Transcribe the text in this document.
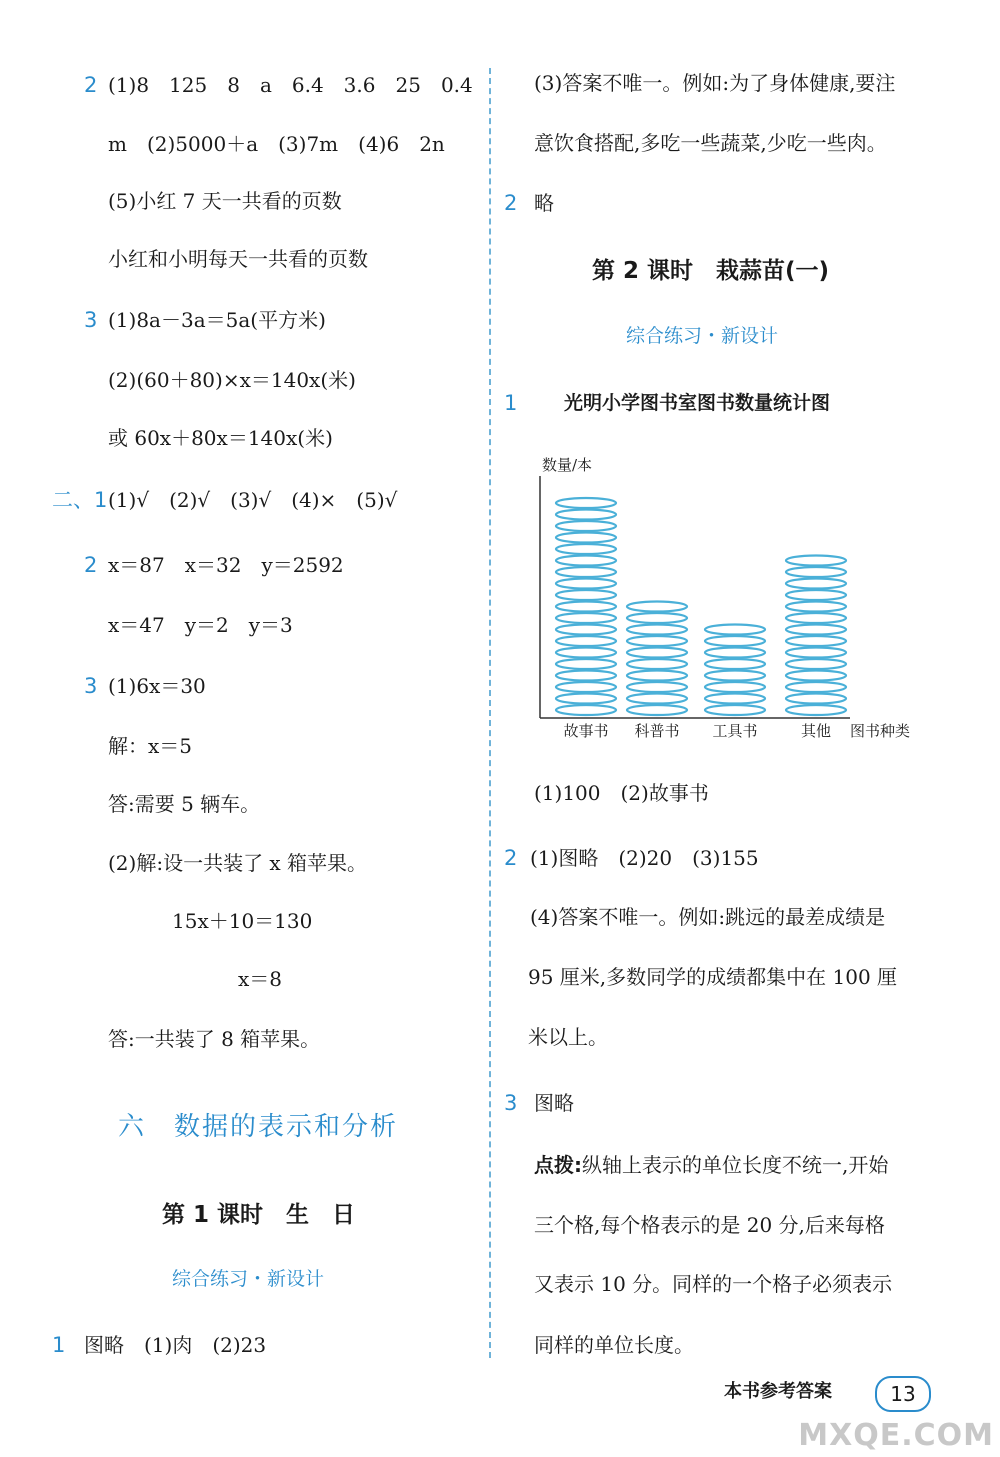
2 (1)8　125　8　a　6.4　3.6　25　0.4
m　(2)5000＋a　(3)7m　(4)6　2n
(5)小红 7 天一共看的页数
小红和小明每天一共看的页数
3 (1)8a－3a＝5a(平方米)
(2)(60＋80)×x＝140x(米)
或 60x＋80x＝140x(米)
二、1 (1)√　(2)√　(3)√　(4)×　(5)√
2 x＝87　x＝32　y＝2592
x＝47　y＝2　y＝3
3 (1)6x＝30
解：x＝5
答:需要 5 辆车。
(2)解:设一共装了 x 箱苹果。
15x＋10＝130
x＝8
答:一共装了 8 箱苹果。
六　数据的表示和分析
第 1 课时　生　日
综合练习・新设计
1 图略　(1)肉　(2)23
(3)答案不唯一。例如:为了身体健康,要注
意饮食搭配,多吃一些蔬菜,少吃一些肉。
2 略
第 2 课时　栽蒜苗(一)
综合练习・新设计
1 光明小学图书室图书数量统计图
(1)100　(2)故事书
2 (1)图略　(2)20　(3)155
(4)答案不唯一。例如:跳远的最差成绩是
95 厘米,多数同学的成绩都集中在 100 厘
米以上。
3 图略
点拨:纵轴上表示的单位长度不统一,开始
三个格,每个格表示的是 20 分,后来每格
又表示 10 分。同样的一个格子必须表示
同样的单位长度。
数量/本
图书种类
故事书 科普书 工具书	其他
本书参考答案	13
MXQE.COM
